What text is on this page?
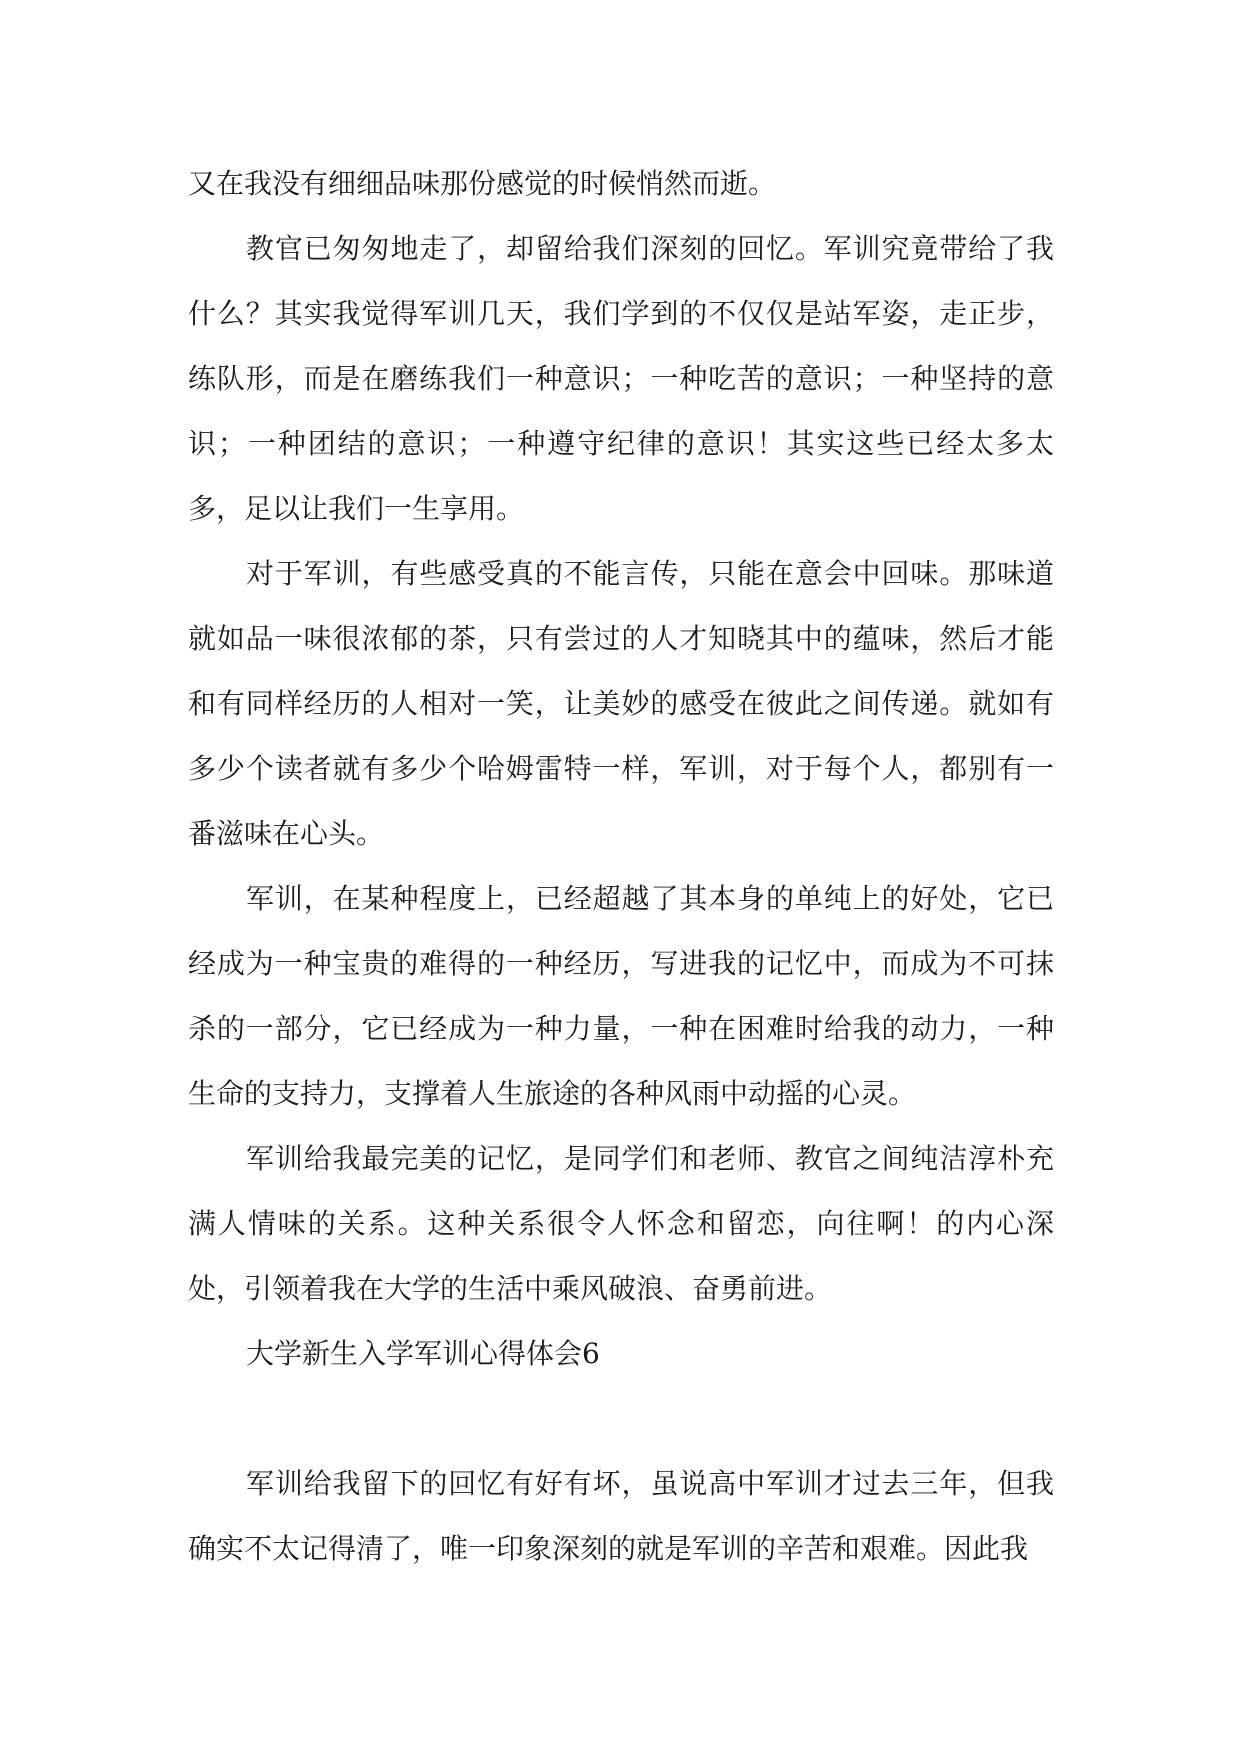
又在我没有细细品味那份感觉的时候悄然而逝。

教官已匆匆地走了，却留给我们深刻的回忆。军训究竟带给了我什么？其实我觉得军训几天，我们学到的不仅仅是站军姿，走正步，练队形，而是在磨练我们一种意识；一种吃苦的意识；一种坚持的意识；一种团结的意识；一种遵守纪律的意识！其实这些已经太多太多，足以让我们一生享用。

对于军训，有些感受真的不能言传，只能在意会中回味。那味道就如品一味很浓郁的茶，只有尝过的人才知晓其中的蕴味，然后才能和有同样经历的人相对一笑，让美妙的感受在彼此之间传递。就如有多少个读者就有多少个哈姆雷特一样，军训，对于每个人，都别有一番滋味在心头。

军训，在某种程度上，已经超越了其本身的单纯上的好处，它已经成为一种宝贵的难得的一种经历，写进我的记忆中，而成为不可抹杀的一部分，它已经成为一种力量，一种在困难时给我的动力，一种生命的支持力，支撑着人生旅途的各种风雨中动摇的心灵。

军训给我最完美的记忆，是同学们和老师、教官之间纯洁淳朴充满人情味的关系。这种关系很令人怀念和留恋，向往啊！的内心深处，引领着我在大学的生活中乘风破浪、奋勇前进。

大学新生入学军训心得体会6

军训给我留下的回忆有好有坏，虽说高中军训才过去三年，但我确实不太记得清了，唯一印象深刻的就是军训的辛苦和艰难。因此我
